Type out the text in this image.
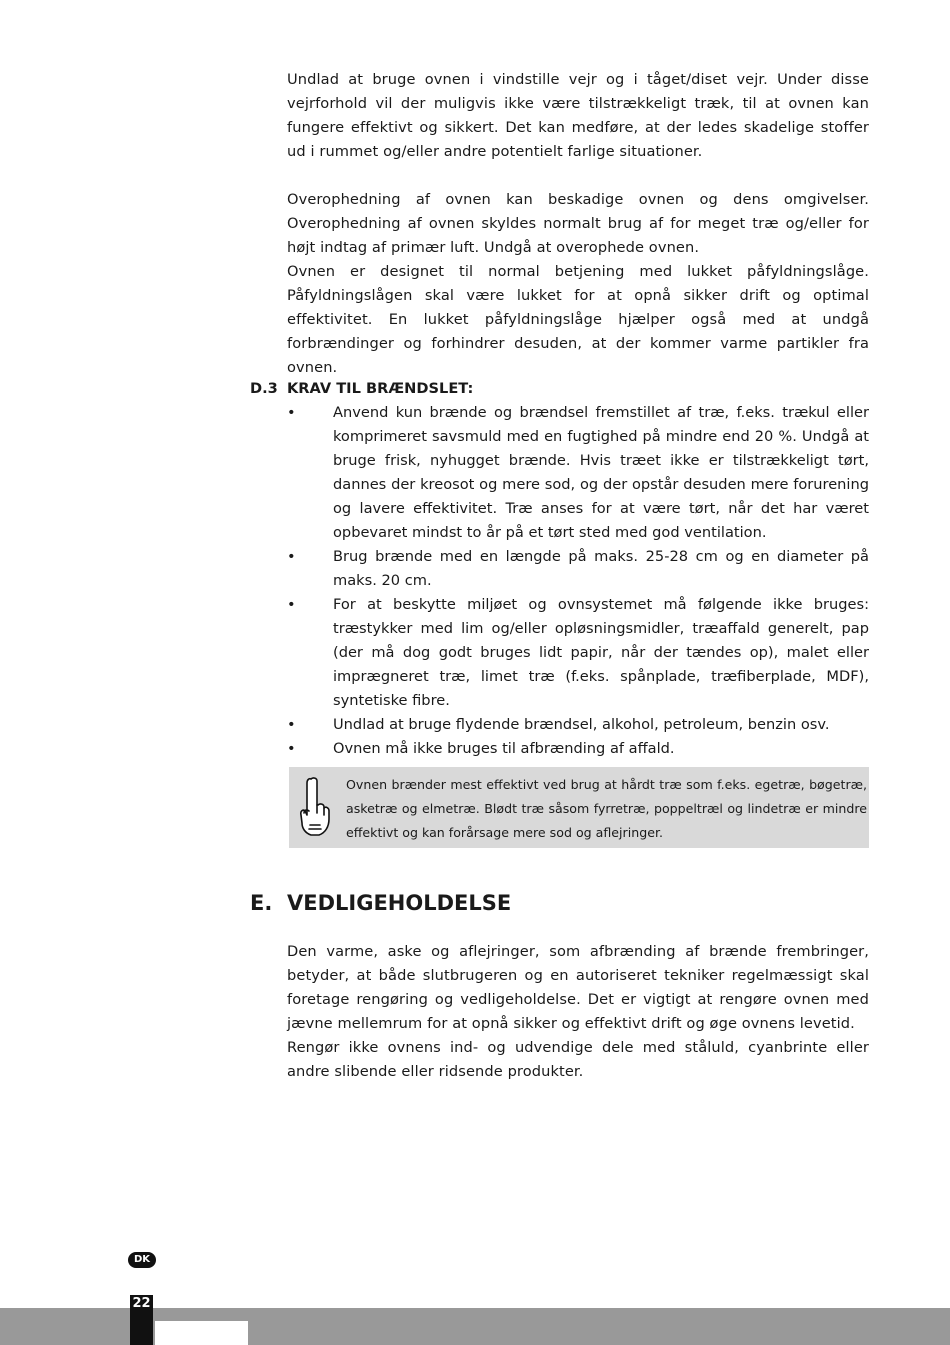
Undlad at bruge ovnen i vindstille vejr og i tåget/diset vejr. Under disse vejrforhold vil der muligvis ikke være tilstrækkeligt træk, til at ovnen kan fungere effektivt og sikkert. Det kan medføre, at der ledes skadelige stoffer ud i rummet og/eller andre potentielt farlige situationer.

Overophedning af ovnen kan beskadige ovnen og dens omgivelser. Overophedning af ovnen skyldes normalt brug af for meget træ og/eller for højt indtag af primær luft. Undgå at overophede ovnen.

Ovnen er designet til normal betjening med lukket påfyldningslåge. Påfyldningslågen skal være lukket for at opnå sikker drift og optimal effektivitet. En lukket påfyldningslåge hjælper også med at undgå forbrændinger og forhindrer desuden, at der kommer varme partikler fra ovnen.

D.3 KRAV TIL BRÆNDSLET:
•	Anvend kun brænde og brændsel fremstillet af træ, f.eks. trækul eller komprimeret savsmuld med en fugtighed på mindre end 20 %. Undgå at bruge frisk, nyhugget brænde. Hvis træet ikke er tilstrækkeligt tørt, dannes der kreosot og mere sod, og der opstår desuden mere forurening og lavere effektivitet. Træ anses for at være tørt, når det har været opbevaret mindst to år på et tørt sted med god ventilation.
•	Brug brænde med en længde på maks. 25-28 cm og en diameter på maks. 20 cm.
•	For at beskytte miljøet og ovnsystemet må følgende ikke bruges: træstykker med lim og/eller opløsningsmidler, træaffald generelt, pap (der må dog godt bruges lidt papir, når der tændes op), malet eller imprægneret træ, limet træ (f.eks. spånplade, træfiberplade, MDF), syntetiske fibre.
•	Undlad at bruge flydende brændsel, alkohol, petroleum, benzin osv.
•	Ovnen må ikke bruges til afbrænding af affald.
Ovnen brænder mest effektivt ved brug at hårdt træ som f.eks. egetræ, bøgetræ, asketræ og elmetræ. Blødt træ såsom fyrretræ, poppeltræl og lindetræ er mindre effektivt og kan forårsage mere sod og aflejringer.
E. VEDLIGEHOLDELSE

Den varme, aske og aflejringer, som afbrænding af brænde frembringer, betyder, at både slutbrugeren og en autoriseret tekniker regelmæssigt skal foretage rengøring og vedligeholdelse. Det er vigtigt at rengøre ovnen med jævne mellemrum for at opnå sikker og effektivt drift og øge ovnens levetid.

Rengør ikke ovnens ind- og udvendige dele med ståluld, cyanbrinte eller andre slibende eller ridsende produkter.

DK
22
